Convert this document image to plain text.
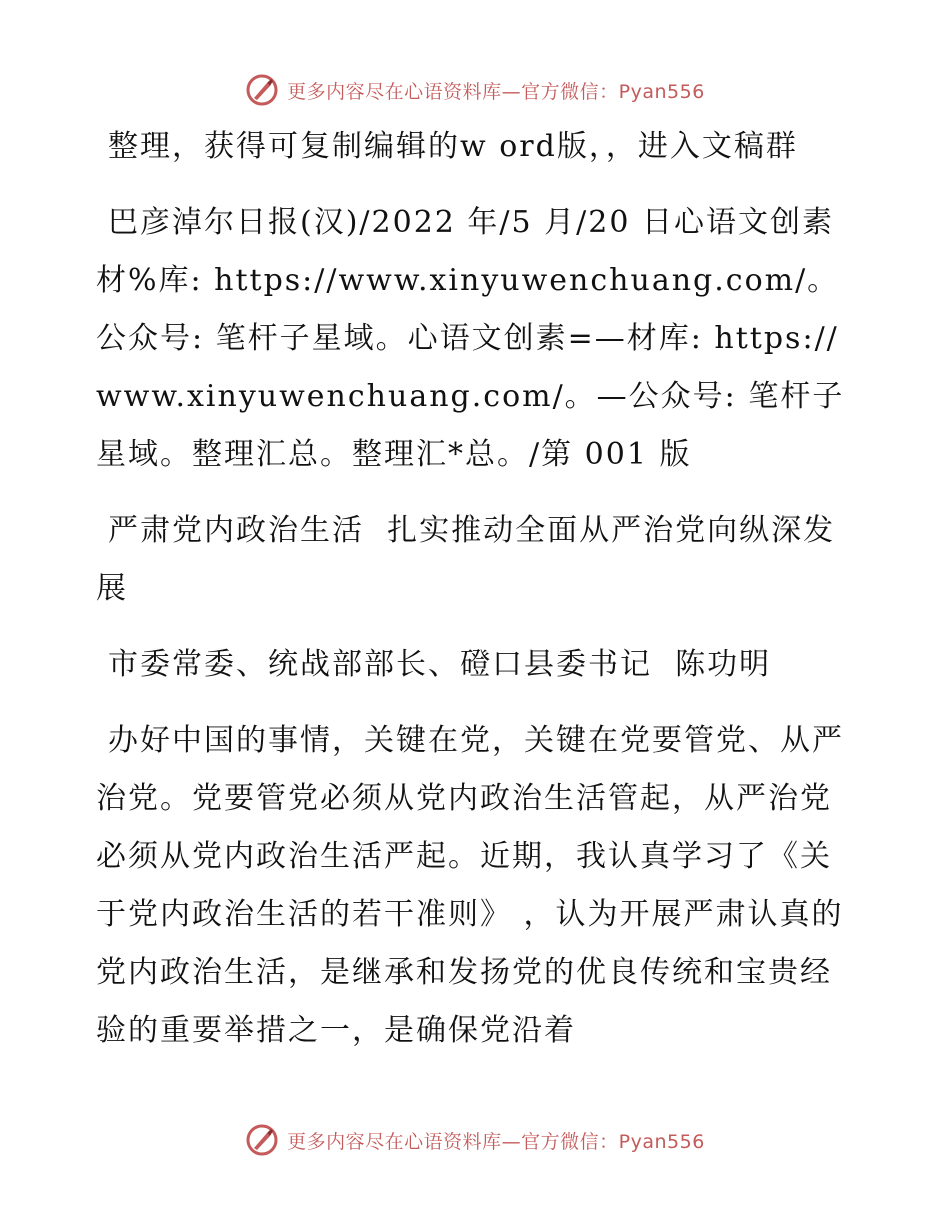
更多内容尽在心语资料库—官方微信：Pyan556

整理，获得可复制编辑的w ord版，，进入文稿群

巴彦淖尔日报(汉)/2022 年/5 月/20 日心语文创素材%库: https://www.xinyuwenchuang.com/。公众号: 笔杆子星域。心语文创素=—材库: https://www.xinyuwenchuang.com/。—公众号: 笔杆子星域。整理汇总。整理汇*总。/第 001 版

严肃党内政治生活  扎实推动全面从严治党向纵深发展

市委常委、统战部部长、磴口县委书记  陈功明

办好中国的事情，关键在党，关键在党要管党、从严治党。党要管党必须从党内政治生活管起，从严治党必须从党内政治生活严起。近期，我认真学习了《关于党内政治生活的若干准则》 ，认为开展严肃认真的党内政治生活，是继承和发扬党的优良传统和宝贵经验的重要举措之一，是确保党沿着

更多内容尽在心语资料库—官方微信：Pyan556
